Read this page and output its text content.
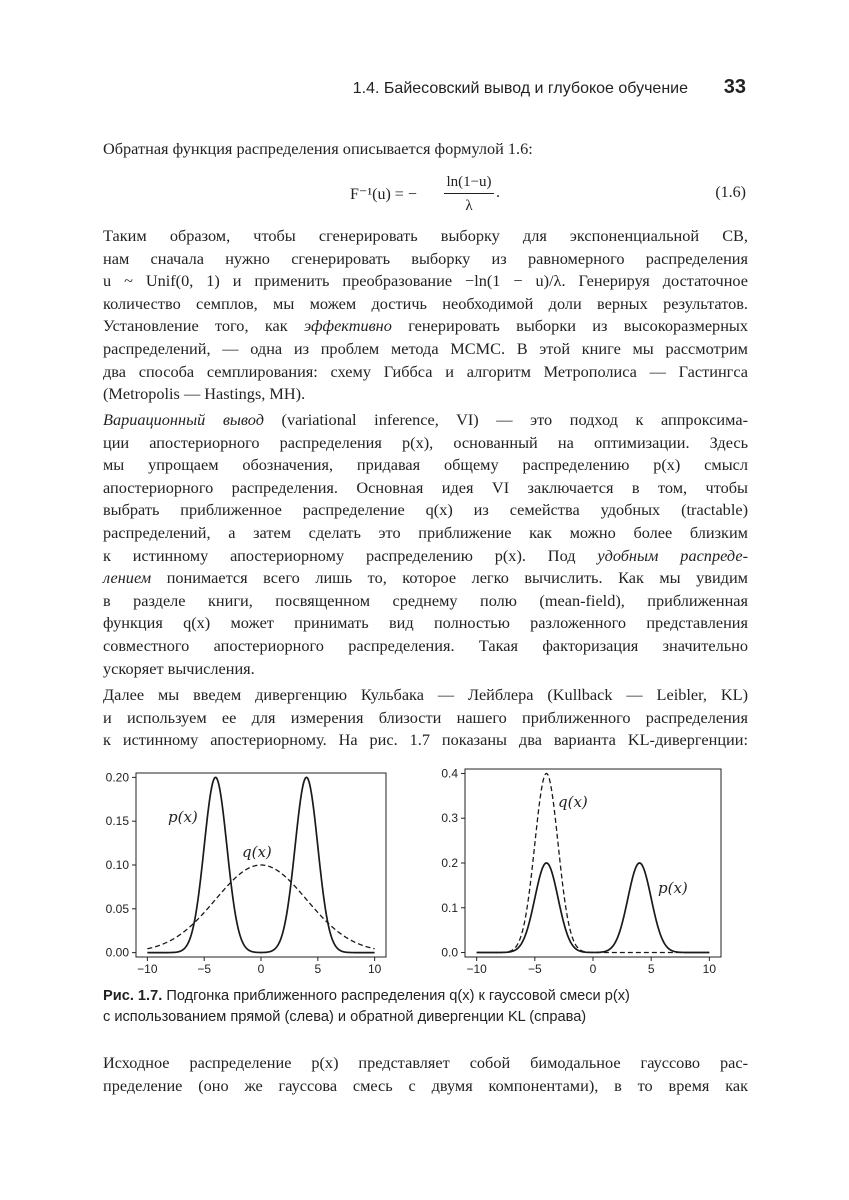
1.4. Байесовский вывод и глубокое обучение 33

Обратная функция распределения описывается формулой 1.6:

F⁻¹(u) = −
ln(1−u)
λ
.	(1.6)

Таким образом, чтобы сгенерировать выборку для экспоненциальной СВ,

нам сначала нужно сгенерировать выборку из равномерного распределения

u ~ Unif(0, 1) и применить преобразование −ln(1 − u)/λ. Генерируя достаточное

количество семплов, мы можем достичь необходимой доли верных результатов.

Установление того, как эффективно генерировать выборки из высокоразмерных

распределений, — одна из проблем метода MCMC. В этой книге мы рассмотрим

два способа семплирования: схему Гиббса и алгоритм Метрополиса — Гастингса

(Metropolis — Hastings, MH).

Вариационный вывод (variational inference, VI) — это подход к аппроксима-

ции апостериорного распределения p(x), основанный на оптимизации. Здесь

мы упрощаем обозначения, придавая общему распределению p(x) смысл

апостериорного распределения. Основная идея VI заключается в том, чтобы

выбрать приближенное распределение q(x) из семейства удобных (tractable)

распределений, а затем сделать это приближение как можно более близким

к истинному апостериорному распределению p(x). Под удобным распреде-

лением понимается всего лишь то, которое легко вычислить. Как мы увидим

в разделе книги, посвященном среднему полю (mean-field), приближенная

функция q(x) может принимать вид полностью разложенного представления

совместного апостериорного распределения. Такая факторизация значительно

ускоряет вычисления.

Далее мы введем дивергенцию Кульбака — Лейблера (Kullback — Leibler, KL)

и используем ее для измерения близости нашего приближенного распределения

к истинному апостериорному. На рис. 1.7 показаны два варианта KL-дивергенции:

−10	−5	0	5	10
0.00
0.05
0.10
0.15
0.20
p(x)
q(x)
−10	−5	0	5	10
0.0
0.1
0.2
0.3
0.4
q(x)
p(x)
Рис. 1.7. Подгонка приближенного распределения q(x) к гауссовой смеси p(x)
с использованием прямой (слева) и обратной дивергенции KL (справа)

Исходное распределение p(x) представляет собой бимодальное гауссово рас-

пределение (оно же гауссова смесь с двумя компонентами), в то время как
